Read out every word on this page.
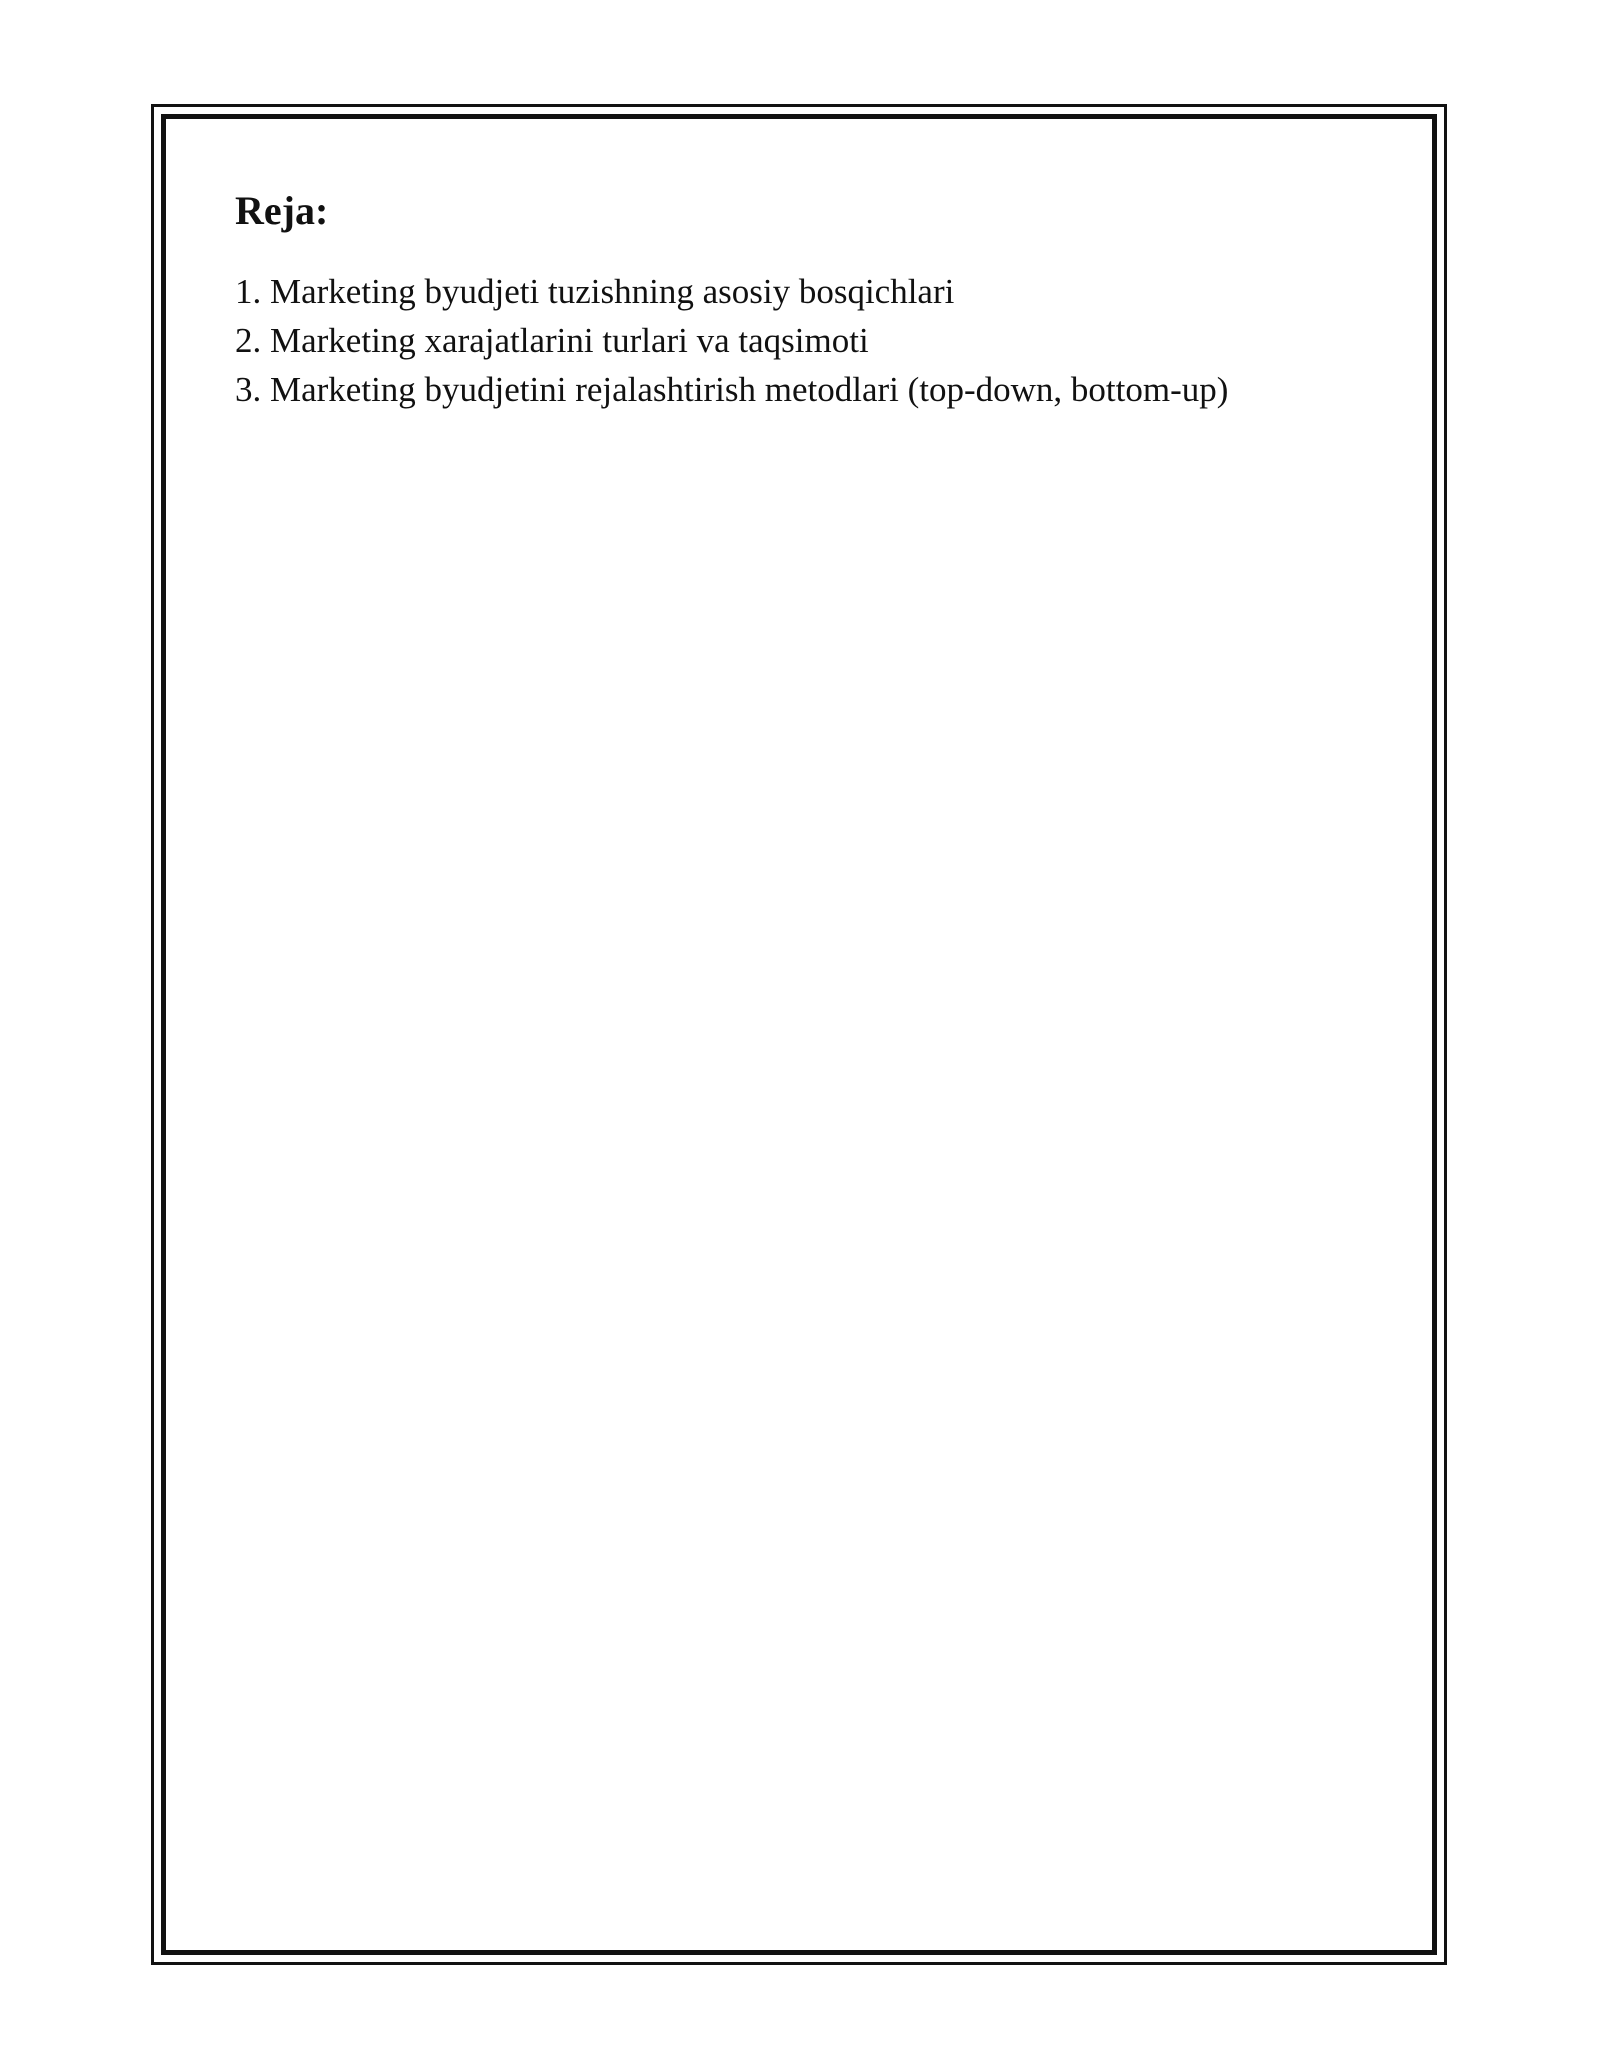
Reja:
1. Marketing byudjeti tuzishning asosiy bosqichlari
2. Marketing xarajatlarini turlari va taqsimoti
3. Marketing byudjetini rejalashtirish metodlari (top-down, bottom-up)
